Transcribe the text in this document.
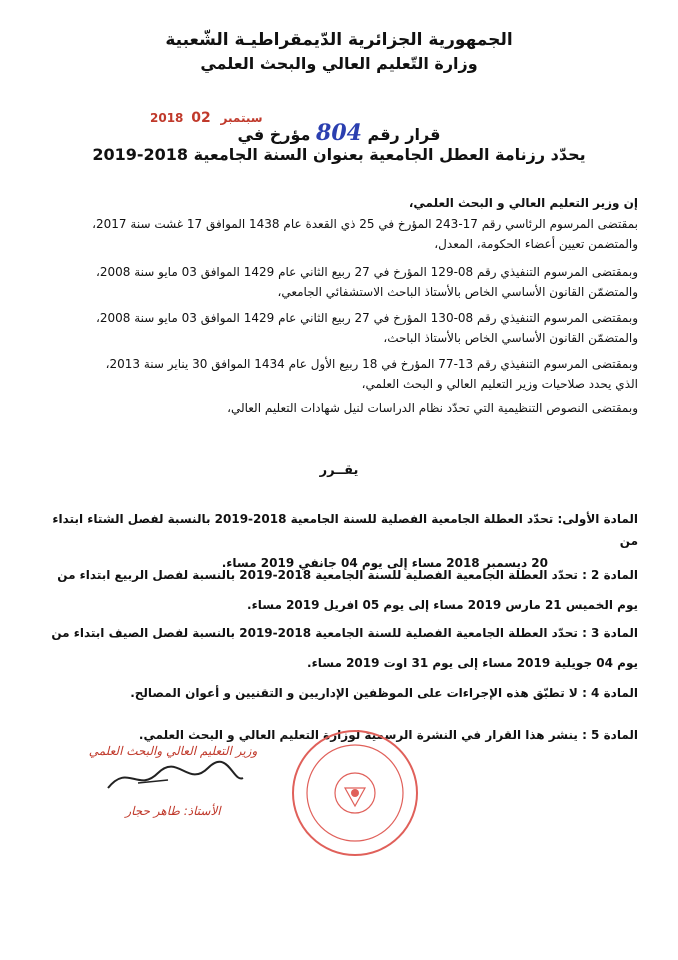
الجمهورية الجزائرية الدّيمقراطيـة الشّعبية
وزارة التّعليم العالي والبحث العلمي
2018	سبتمبر 02
قرار رقم 804 مؤرخ في
يحدّد رزنامة العطل الجامعية بعنوان السنة الجامعية 2018-2019
إن وزير التعليم العالي و البحث العلمي،
بمقتضى المرسوم الرئاسي رقم 17-243 المؤرخ في 25 ذي القعدة عام 1438 الموافق 17 غشت سنة 2017،
والمتضمن تعيين أعضاء الحكومة، المعدل،
وبمقتضى المرسوم التنفيذي رقم 08-129 المؤرخ في 27 ربيع الثاني عام 1429 الموافق 03 مايو سنة 2008،
والمتضمّن القانون الأساسي الخاص بالأستاذ الباحث الاستشفائي الجامعي،
وبمقتضى المرسوم التنفيذي رقم 08-130 المؤرخ في 27 ربيع الثاني عام 1429 الموافق 03 مايو سنة 2008،
والمتضمّن القانون الأساسي الخاص بالأستاذ الباحث،
وبمقتضى المرسوم التنفيذي رقم 13-77 المؤرخ في 18 ربيع الأول عام 1434 الموافق 30 يناير سنة 2013،
الذي يحدد صلاحيات وزير التعليم العالي و البحث العلمي،
وبمقتضى النصوص التنظيمية التي تحدّد نظام الدراسات لنيل شهادات التعليم العالي،
يقــرر
المادة الأولى: تحدّد العطلة الجامعية الفصلية للسنة الجامعية 2018-2019 بالنسبة لفصل الشتاء ابتداء من
20 ديسمبر 2018 مساء إلى يوم 04 جانفي 2019 مساء.
المادة 2 : تحدّد العطلة الجامعية الفصلية للسنة الجامعية 2018-2019 بالنسبة لفصل الربيع ابتداء من
يوم الخميس 21 مارس 2019 مساء إلى يوم 05 افريل 2019 مساء.
المادة 3 : تحدّد العطلة الجامعية الفصلية للسنة الجامعية 2018-2019 بالنسبة لفصل الصيف ابتداء من
يوم 04 جويلية 2019 مساء إلى يوم 31 اوت 2019 مساء.
المادة 4 : لا تطبّق هذه الإجراءات على الموظفين الإداريين و التقنيين و أعوان المصالح.
المادة 5 : ينشر هذا القرار في النشرة الرسمية لوزارة التعليم العالي و البحث العلمي.
وزير التعليم العالي والبحث العلمي
الأستاذ: طاهر حجار
